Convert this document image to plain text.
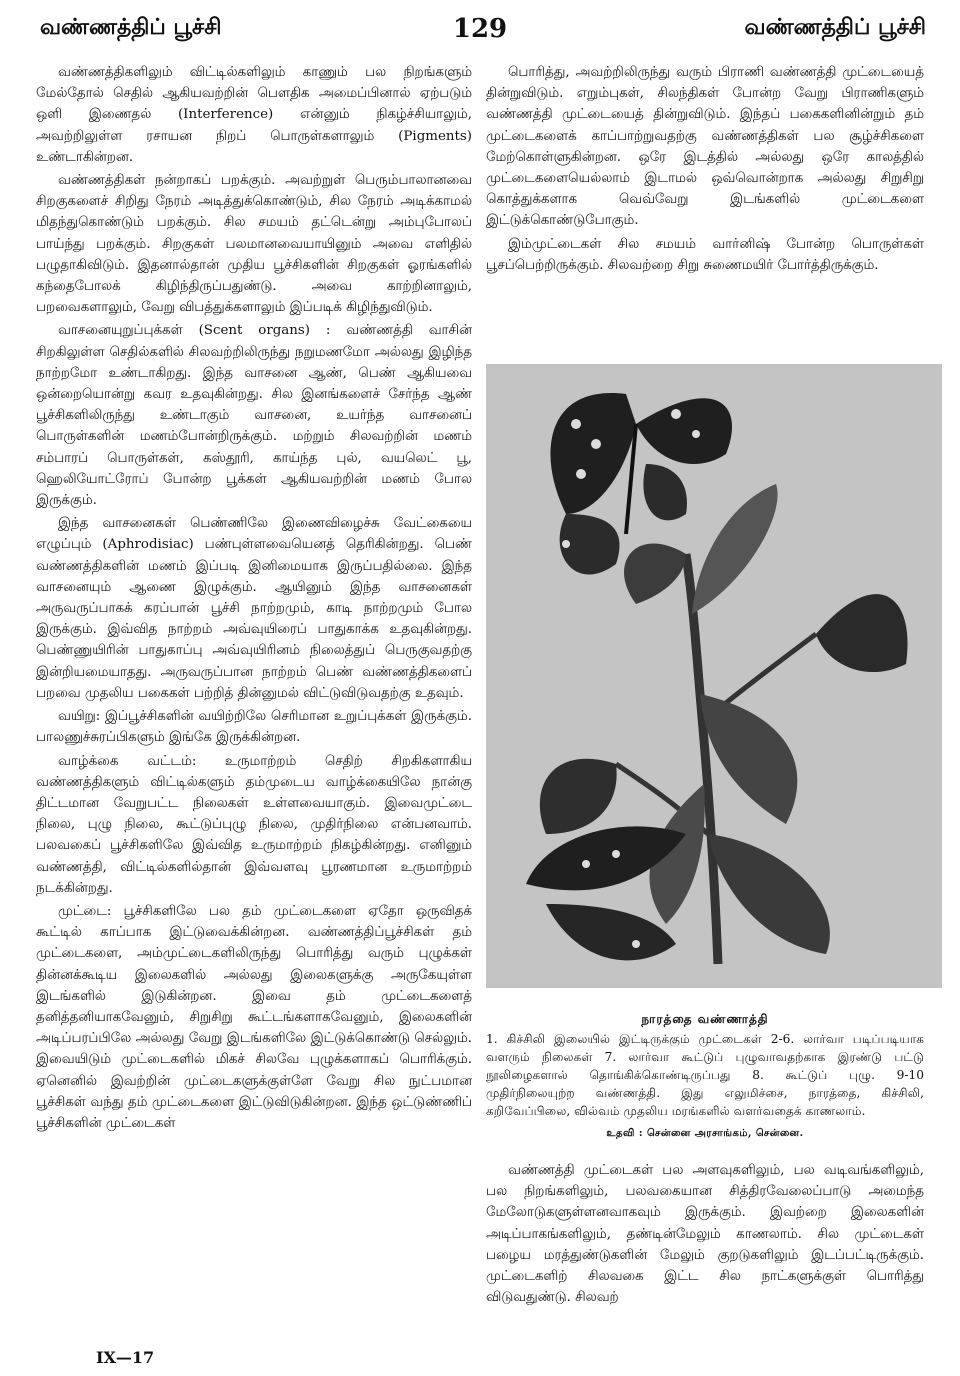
129
வண்ணத்திப் பூச்சி	வண்ணத்திப் பூச்சி

வண்ணத்திகளிலும் விட்டில்களிலும் காணும் பல நிறங்களும் மேல்தோல் செதில் ஆகியவற்றின் பௌதிக அமைப்பினால் ஏற்படும் ஒளி இணைதல் (Interference) என்னும் நிகழ்ச்சியாலும், அவற்றிலுள்ள ரசாயன நிறப் பொருள்களாலும் (Pigments) உண்டாகின்றன.

வண்ணத்திகள் நன்றாகப் பறக்கும். அவற்றுள் பெரும்பாலானவை சிறகுகளைச் சிறிது நேரம் அடித்துக்கொண்டும், சில நேரம் அடிக்காமல் மிதந்துகொண்டும் பறக்கும். சில சமயம் தட்டென்று அம்புபோலப் பாய்ந்து பறக்கும். சிறகுகள் பலமானவையாயினும் அவை எளிதில் பழுதாகிவிடும். இதனால்தான் முதிய பூச்சிகளின் சிறகுகள் ஓரங்களில் கந்தைபோலக் கிழிந்திருப்பதுண்டு. அவை காற்றினாலும், பறவைகளாலும், வேறு விபத்துக்களாலும் இப்படிக் கிழிந்துவிடும்.

வாசனையுறுப்புக்கள் (Scent organs) : வண்ணத்தி வாசின் சிறகிலுள்ள செதில்களில் சிலவற்றிலிருந்து நறுமணமோ அல்லது இழிந்த நாற்றமோ உண்டாகிறது. இந்த வாசனை ஆண், பெண் ஆகியவை ஒன்றையொன்று கவர உதவுகின்றது. சில இனங்களைச் சேர்ந்த ஆண் பூச்சிகளிலிருந்து உண்டாகும் வாசனை, உயர்ந்த வாசனைப் பொருள்களின் மணம்போன்றிருக்கும். மற்றும் சிலவற்றின் மணம் சம்பாரப் பொருள்கள், கஸ்தூரி, காய்ந்த புல், வயலெட் பூ, ஹெலியோட்ரோப் போன்ற பூக்கள் ஆகியவற்றின் மணம் போல இருக்கும்.

இந்த வாசனைகள் பெண்ணிலே இணைவிழைச்சு வேட்கையை எழுப்பும் (Aphrodisiac) பண்புள்ளவையெனத் தெரிகின்றது. பெண் வண்ணத்திகளின் மணம் இப்படி இனிமையாக இருப்பதில்லை. இந்த வாசனையும் ஆணை இழுக்கும். ஆயினும் இந்த வாசனைகள் அருவருப்பாகக் கரப்பான் பூச்சி நாற்றமும், காடி நாற்றமும் போல இருக்கும். இவ்வித நாற்றம் அவ்வுயிரைப் பாதுகாக்க உதவுகின்றது. பெண்ணுயிரின் பாதுகாப்பு அவ்வுயிரினம் நிலைத்துப் பெருகுவதற்கு இன்றியமையாதது. அருவருப்பான நாற்றம் பெண் வண்ணத்திகளைப் பறவை முதலிய பகைகள் பற்றித் தின்னுமல் விட்டுவிடுவதற்கு உதவும்.

வயிறு: இப்பூச்சிகளின் வயிற்றிலே செரிமான உறுப்புக்கள் இருக்கும். பாலணுச்சுரப்பிகளும் இங்கே இருக்கின்றன.

வாழ்க்கை வட்டம்: உருமாற்றம் செதிற் சிறகிகளாகிய வண்ணத்திகளும் விட்டில்களும் தம்முடைய வாழ்க்கையிலே நான்கு திட்டமான வேறுபட்ட நிலைகள் உள்ளவையாகும். இவைமுட்டை நிலை, புழு நிலை, கூட்டுப்புழு நிலை, முதிர்நிலை என்பனவாம். பலவகைப் பூச்சிகளிலே இவ்வித உருமாற்றம் நிகழ்கின்றது. எனினும் வண்ணத்தி, விட்டில்களில்தான் இவ்வளவு பூரணமான உருமாற்றம் நடக்கின்றது.

முட்டை: பூச்சிகளிலே பல தம் முட்டைகளை ஏதோ ஒருவிதக் கூட்டில் காப்பாக இட்டுவைக்கின்றன. வண்ணத்திப்பூச்சிகள் தம் முட்டைகளை, அம்முட்டைகளிலிருந்து பொரித்து வரும் புழுக்கள் தின்னக்கூடிய இலைகளில் அல்லது இலைகளுக்கு அருகேயுள்ள இடங்களில் இடுகின்றன. இவை தம் முட்டைகளைத் தனித்தனியாகவேனும், சிறுசிறு கூட்டங்களாகவேனும், இலைகளின் அடிப்பரப்பிலே அல்லது வேறு இடங்களிலே இட்டுக்கொண்டு செல்லும். இவையிடும் முட்டைகளில் மிகச் சிலவே புழுக்களாகப் பொரிக்கும். ஏனெனில் இவற்றின் முட்டைகளுக்குள்ளே வேறு சில நுட்பமான பூச்சிகள் வந்து தம் முட்டைகளை இட்டுவிடுகின்றன. இந்த ஒட்டுண்ணிப் பூச்சிகளின் முட்டைகள்

பொரித்து, அவற்றிலிருந்து வரும் பிராணி வண்ணத்தி முட்டையைத் தின்றுவிடும். எறும்புகள், சிலந்திகள் போன்ற வேறு பிராணிகளும் வண்ணத்தி முட்டையைத் தின்றுவிடும். இந்தப் பகைகளினின்றும் தம் முட்டைகளைக் காப்பாற்றுவதற்கு வண்ணத்திகள் பல சூழ்ச்சிகளை மேற்கொள்ளுகின்றன. ஒரே இடத்தில் அல்லது ஒரே காலத்தில் முட்டைகளையெல்லாம் இடாமல் ஒவ்வொன்றாக அல்லது சிறுசிறு கொத்துக்களாக வெவ்வேறு இடங்களில் முட்டைகளை இட்டுக்கொண்டுபோகும்.

இம்முட்டைகள் சில சமயம் வார்னிஷ் போன்ற பொருள்கள் பூசப்பெற்றிருக்கும். சிலவற்றை சிறு சுணைமயிர் போர்த்திருக்கும்.

நாரத்தை வண்ணாத்தி
1. கிச்சிலி இலையில் இட்டிருக்கும் முட்டைகள் 2-6. லார்வா படிப்படியாக வளரும் நிலைகள் 7. லார்வா கூட்டுப் புழுவாவதற்காக இரண்டு பட்டு நூலிழைகளால் தொங்கிக்கொண்டிருப்பது 8. கூட்டுப் புழு. 9-10 முதிர்நிலையுற்ற வண்ணத்தி. இது எலுமிச்சை, நாரத்தை, கிச்சிலி, கறிவேப்பிலை, வில்வம் முதலிய மரங்களில் வளர்வதைக் காணலாம்.
உதவி : சென்னை அரசாங்கம், சென்னை.

வண்ணத்தி முட்டைகள் பல அளவுகளிலும், பல வடிவங்களிலும், பல நிறங்களிலும், பலவகையான சித்திரவேலைப்பாடு அமைந்த மேலோடுகளுள்ளனவாகவும் இருக்கும். இவற்றை இலைகளின் அடிப்பாகங்களிலும், தண்டின்மேலும் காணலாம். சில முட்டைகள் பழைய மரத்துண்டுகளின் மேலும் குறடுகளிலும் இடப்பட்டிருக்கும். முட்டைகளிற் சிலவகை இட்ட சில நாட்களுக்குள் பொரித்து விடுவதுண்டு. சிலவற்

IX—17
